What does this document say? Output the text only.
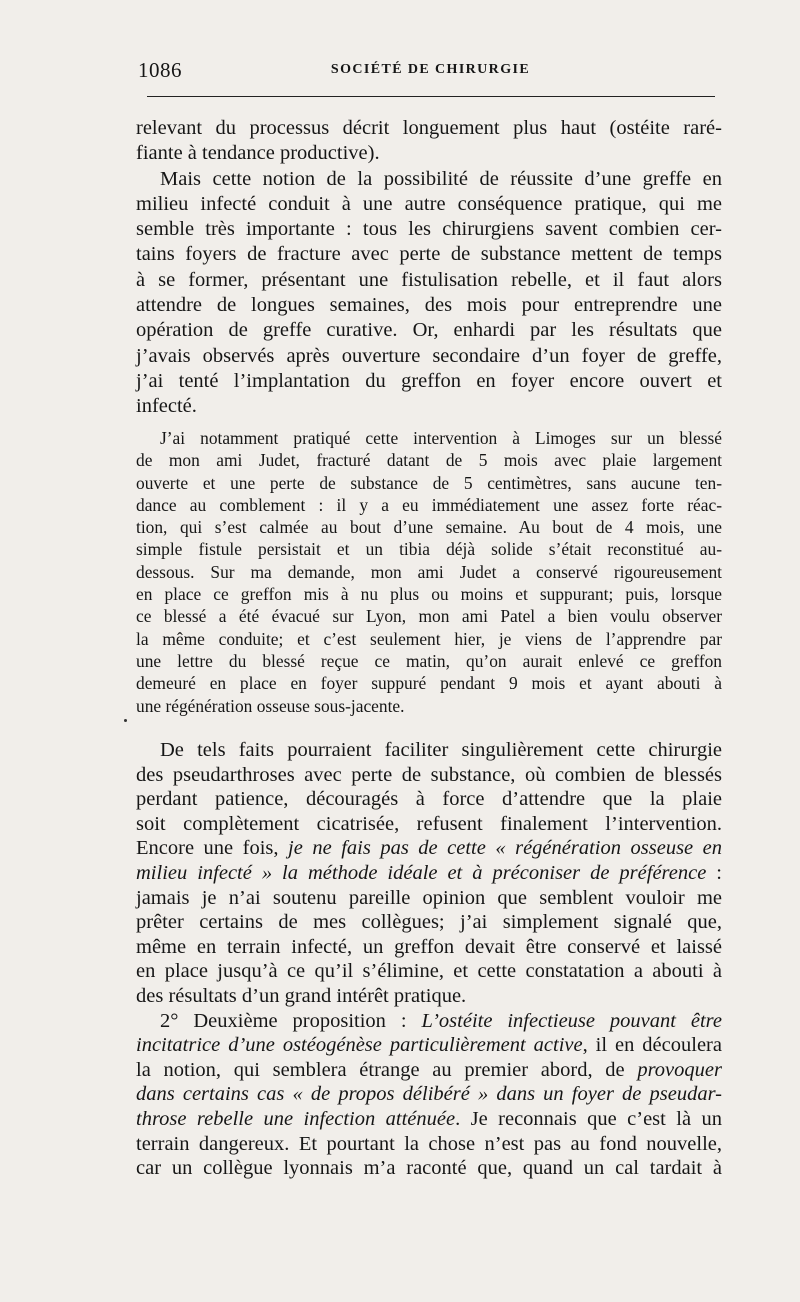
1086	SOCIÉTÉ DE CHIRURGIE
relevant du processus décrit longuement plus haut (ostéite raré-
fiante à tendance productive).
Mais cette notion de la possibilité de réussite d’une greffe en
milieu infecté conduit à une autre conséquence pratique, qui me
semble très importante : tous les chirurgiens savent combien cer-
tains foyers de fracture avec perte de substance mettent de temps
à se former, présentant une fistulisation rebelle, et il faut alors
attendre de longues semaines, des mois pour entreprendre une
opération de greffe curative. Or, enhardi par les résultats que
j’avais observés après ouverture secondaire d’un foyer de greffe,
j’ai tenté l’implantation du greffon en foyer encore ouvert et
infecté.
J’ai notamment pratiqué cette intervention à Limoges sur un blessé
de mon ami Judet, fracturé datant de 5 mois avec plaie largement
ouverte et une perte de substance de 5 centimètres, sans aucune ten-
dance au comblement : il y a eu immédiatement une assez forte réac-
tion, qui s’est calmée au bout d’une semaine. Au bout de 4 mois, une
simple fistule persistait et un tibia déjà solide s’était reconstitué au-
dessous. Sur ma demande, mon ami Judet a conservé rigoureusement
en place ce greffon mis à nu plus ou moins et suppurant; puis, lorsque
ce blessé a été évacué sur Lyon, mon ami Patel a bien voulu observer
la même conduite; et c’est seulement hier, je viens de l’apprendre par
une lettre du blessé reçue ce matin, qu’on aurait enlevé ce greffon
demeuré en place en foyer suppuré pendant 9 mois et ayant abouti à
une régénération osseuse sous-jacente.
De tels faits pourraient faciliter singulièrement cette chirurgie
des pseudarthroses avec perte de substance, où combien de blessés
perdant patience, découragés à force d’attendre que la plaie
soit complètement cicatrisée, refusent finalement l’intervention.
Encore une fois, je ne fais pas de cette « régénération osseuse en
milieu infecté » la méthode idéale et à préconiser de préférence :
jamais je n’ai soutenu pareille opinion que semblent vouloir me
prêter certains de mes collègues; j’ai simplement signalé que,
même en terrain infecté, un greffon devait être conservé et laissé
en place jusqu’à ce qu’il s’élimine, et cette constatation a abouti à
des résultats d’un grand intérêt pratique.
2° Deuxième proposition : L’ostéite infectieuse pouvant être
incitatrice d’une ostéogénèse particulièrement active, il en découlera
la notion, qui semblera étrange au premier abord, de provoquer
dans certains cas « de propos délibéré » dans un foyer de pseudar-
throse rebelle une infection atténuée. Je reconnais que c’est là un
terrain dangereux. Et pourtant la chose n’est pas au fond nouvelle,
car un collègue lyonnais m’a raconté que, quand un cal tardait à
